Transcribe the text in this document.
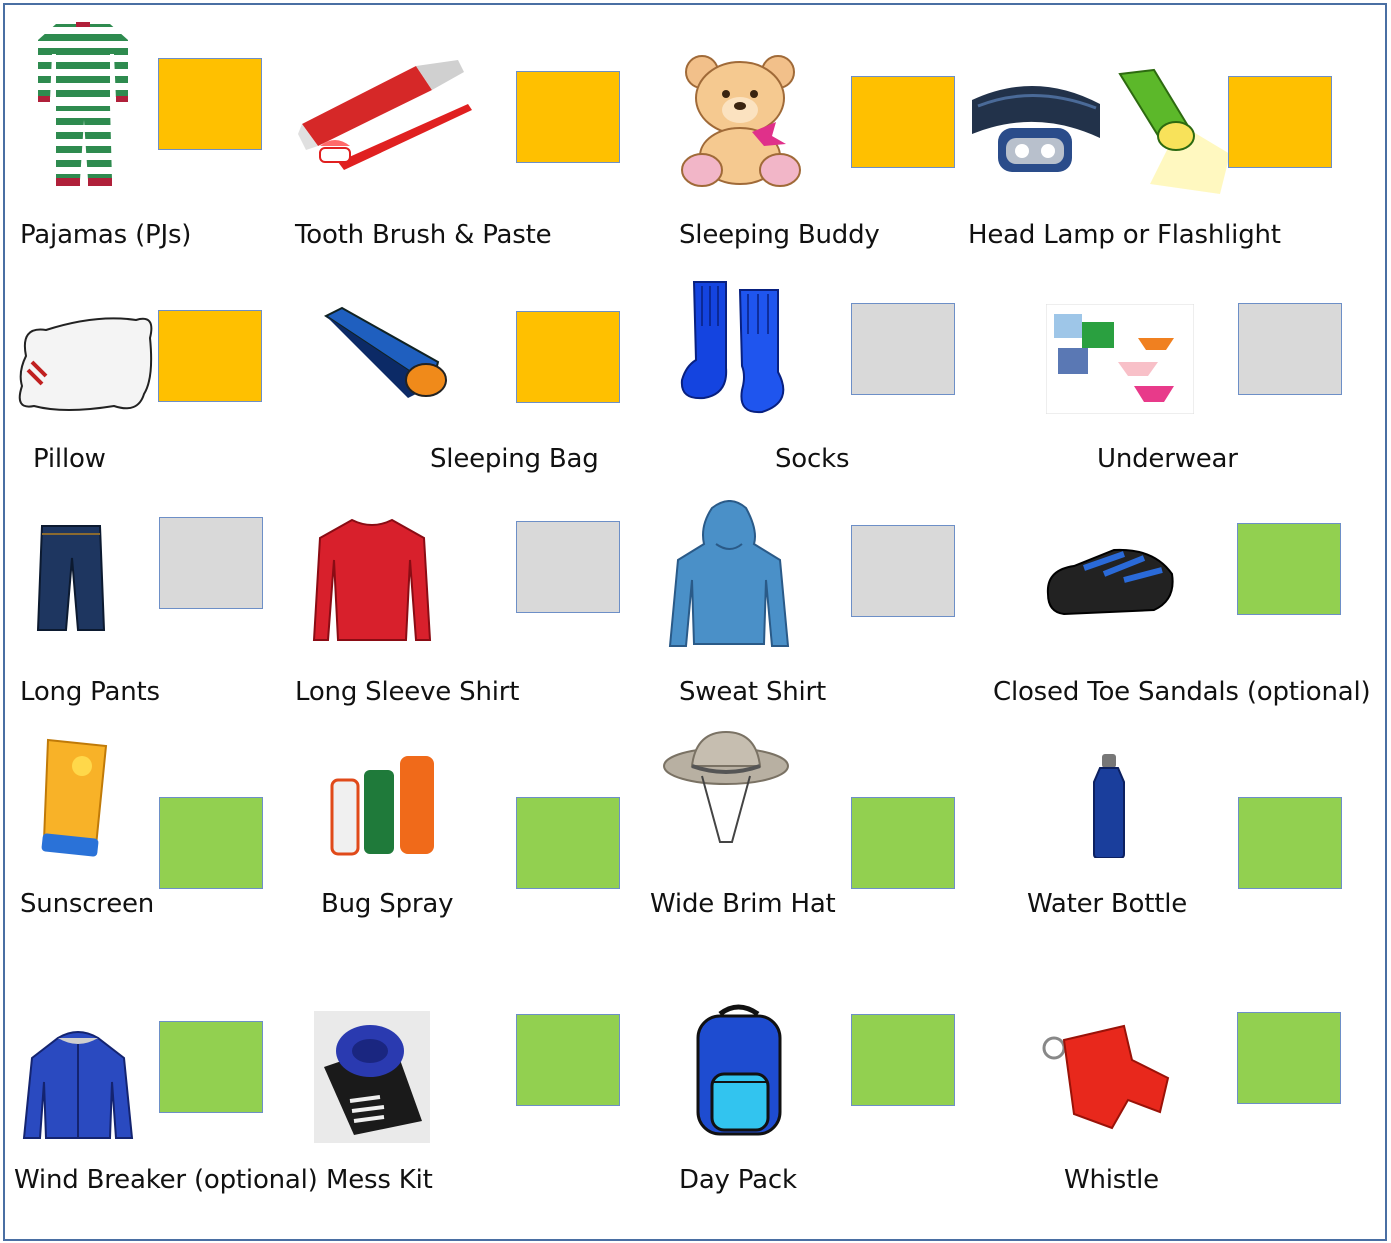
Pajamas (PJs)	Tooth Brush & Paste	Sleeping Buddy	Head Lamp or Flashlight
Pillow	Sleeping Bag	Socks	Underwear
Long Pants	Long Sleeve Shirt	Sweat Shirt	Closed Toe Sandals (optional)
Sunscreen	Bug Spray	Wide Brim Hat	Water Bottle
Wind Breaker (optional) Mess Kit	Day Pack	Whistle
